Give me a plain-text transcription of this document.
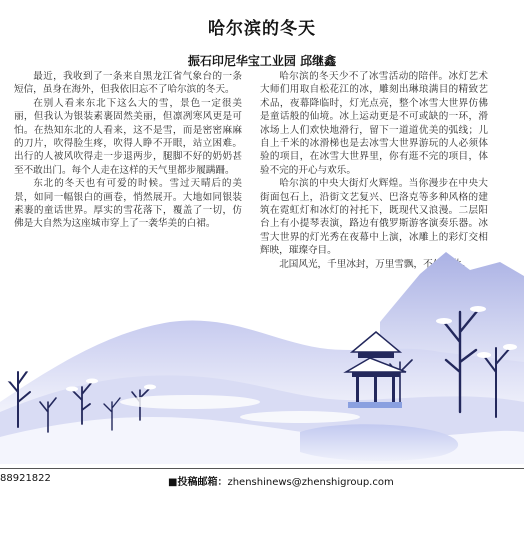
哈尔滨的冬天
振石印尼华宝工业园 邱继鑫

最近，我收到了一条来自黑龙江省气象台的一条短信，虽身在海外，但我依旧忘不了哈尔滨的冬天。

在别人看来东北下这么大的雪，景色一定很美丽，但我认为银装素裹固然美丽，但凛冽寒风更是可怕。在热知东北的人看来，这不是雪，而是密密麻麻的刀片，吹得脸生疼，吹得人睁不开眼，站立困难。出行的人被风吹得走一步退两步，腿脚不好的奶奶甚至不敢出门。每个人走在这样的天气里都步履蹒跚。

东北的冬天也有可爱的时候。雪过天晴后的美景，如同一幅银白的画卷，悄然展开。大地如同银装素裹的童话世界。厚实的雪花落下，覆盖了一切，仿佛是大自然为这座城市穿上了一袭华美的白裙。

哈尔滨的冬天少不了冰雪活动的陪伴。冰灯艺术大师们用取自松花江的冰，雕刻出琳琅满目的精致艺术品，夜幕降临时，灯光点亮，整个冰雪大世界仿佛是童话般的仙境。冰上运动更是不可或缺的一环，滑冰场上人们欢快地滑行，留下一道道优美的弧线；儿自上千米的冰滑梯也是去冰雪大世界游玩的人必须体验的项目，在冰雪大世界里，你有逛不完的项目，体验不完的开心与欢乐。

哈尔滨的中央大街灯火辉煌。当你漫步在中央大街面包石上，沿街文艺复兴、巴洛克等多种风格的建筑在霓虹灯和冰灯的衬托下，既现代又浪漫。二层阳台上有小提琴表演，路边有俄罗斯游客演奏乐器。冰雪大世界的灯光秀在夜幕中上演，冰雕上的彩灯交相辉映，璀璨夺目。

北国风光，千里冰封，万里雪飘，不外乎此。

88921822	■投稿邮箱：zhenshinews@zhenshigroup.com
